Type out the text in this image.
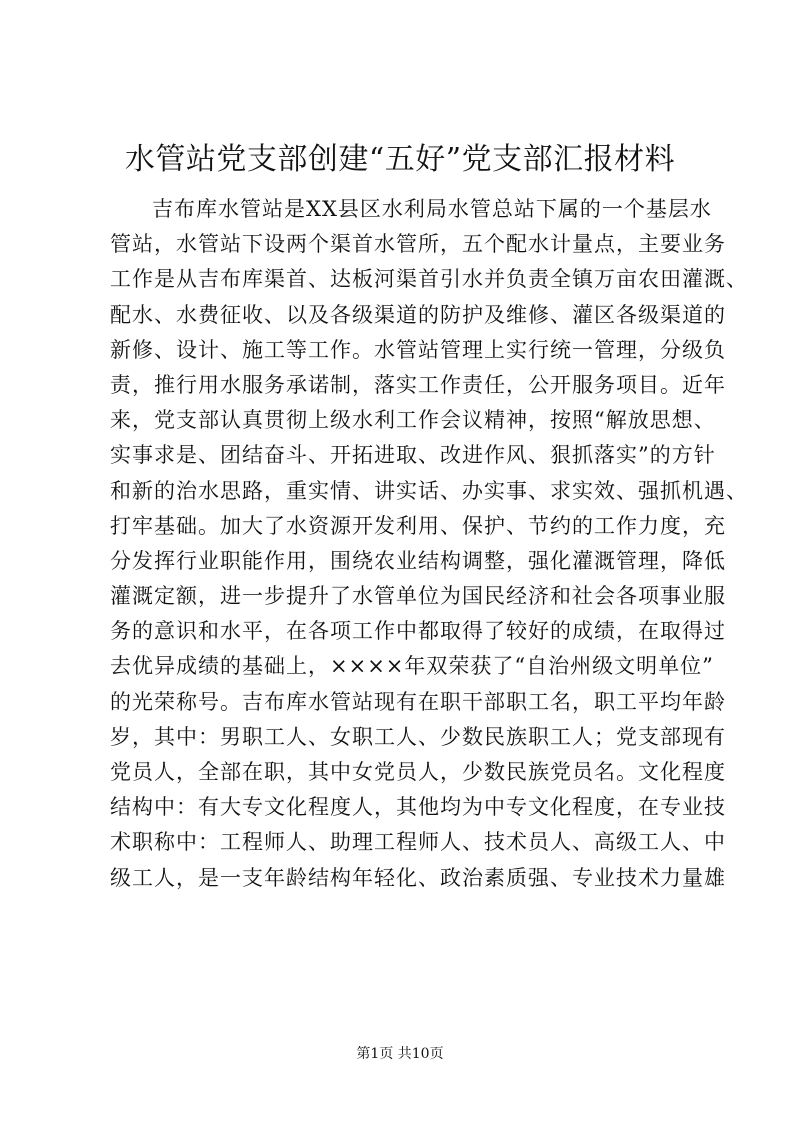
水管站党支部创建“五好”党支部汇报材料
吉布库水管站是XX县区水利局水管总站下属的一个基层水
管站，水管站下设两个渠首水管所，五个配水计量点，主要业务
工作是从吉布库渠首、达板河渠首引水并负责全镇万亩农田灌溉、
配水、水费征收、以及各级渠道的防护及维修、灌区各级渠道的
新修、设计、施工等工作。水管站管理上实行统一管理，分级负
责，推行用水服务承诺制，落实工作责任，公开服务项目。近年
来，党支部认真贯彻上级水利工作会议精神，按照“解放思想、
实事求是、团结奋斗、开拓进取、改进作风、狠抓落实”的方针
和新的治水思路，重实情、讲实话、办实事、求实效、强抓机遇、
打牢基础。加大了水资源开发利用、保护、节约的工作力度，充
分发挥行业职能作用，围绕农业结构调整，强化灌溉管理，降低
灌溉定额，进一步提升了水管单位为国民经济和社会各项事业服
务的意识和水平，在各项工作中都取得了较好的成绩，在取得过
去优异成绩的基础上，××××年双荣获了“自治州级文明单位”
的光荣称号。吉布库水管站现有在职干部职工名，职工平均年龄
岁，其中：男职工人、女职工人、少数民族职工人；党支部现有
党员人，全部在职，其中女党员人，少数民族党员名。文化程度
结构中：有大专文化程度人，其他均为中专文化程度，在专业技
术职称中：工程师人、助理工程师人、技术员人、高级工人、中
级工人，是一支年龄结构年轻化、政治素质强、专业技术力量雄
第1页 共10页
